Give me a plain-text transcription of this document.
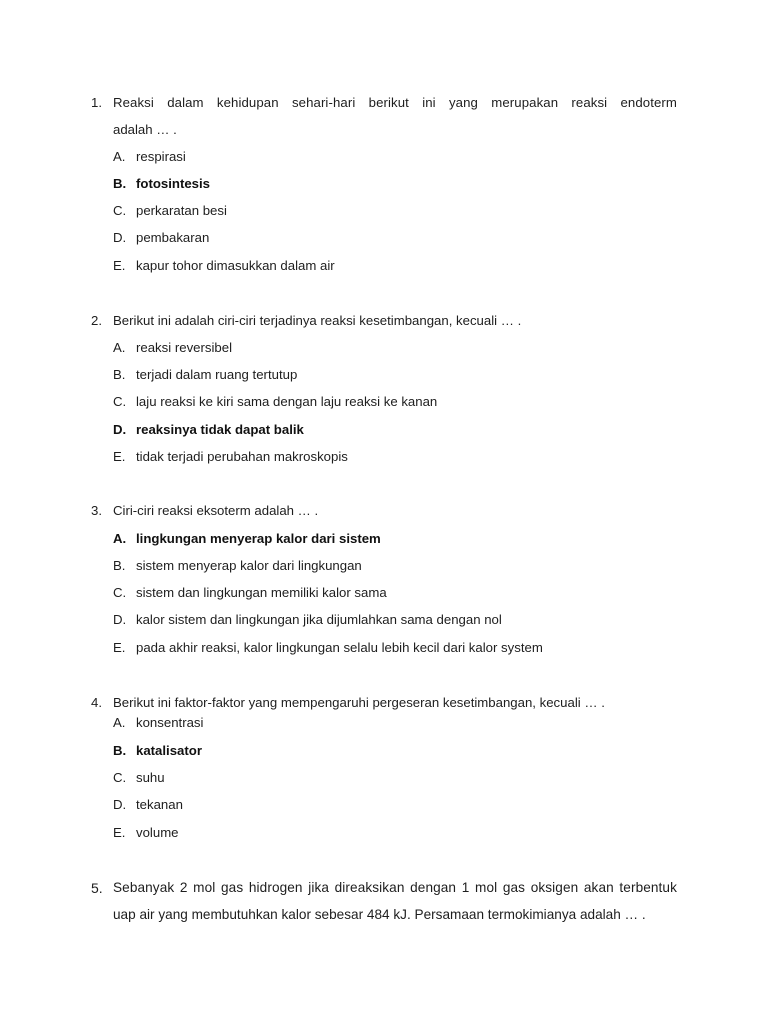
1. Reaksi dalam kehidupan sehari-hari berikut ini yang merupakan reaksi endoterm
adalah … .
A. respirasi
B. fotosintesis
C. perkaratan besi
D. pembakaran
E. kapur tohor dimasukkan dalam air
2. Berikut ini adalah ciri-ciri terjadinya reaksi kesetimbangan, kecuali … .
A. reaksi reversibel
B. terjadi dalam ruang tertutup
C. laju reaksi ke kiri sama dengan laju reaksi ke kanan
D. reaksinya tidak dapat balik
E. tidak terjadi perubahan makroskopis
3. Ciri-ciri reaksi eksoterm adalah … .
A. lingkungan menyerap kalor dari sistem
B. sistem menyerap kalor dari lingkungan
C. sistem dan lingkungan memiliki kalor sama
D. kalor sistem dan lingkungan jika dijumlahkan sama dengan nol
E. pada akhir reaksi, kalor lingkungan selalu lebih kecil dari kalor system
4. Berikut ini faktor-faktor yang mempengaruhi pergeseran kesetimbangan, kecuali … .
A. konsentrasi
B. katalisator
C. suhu
D. tekanan
E. volume
5. Sebanyak 2 mol gas hidrogen jika direaksikan dengan 1 mol gas oksigen akan terbentuk
uap air yang membutuhkan kalor sebesar 484 kJ. Persamaan termokimianya adalah … .
